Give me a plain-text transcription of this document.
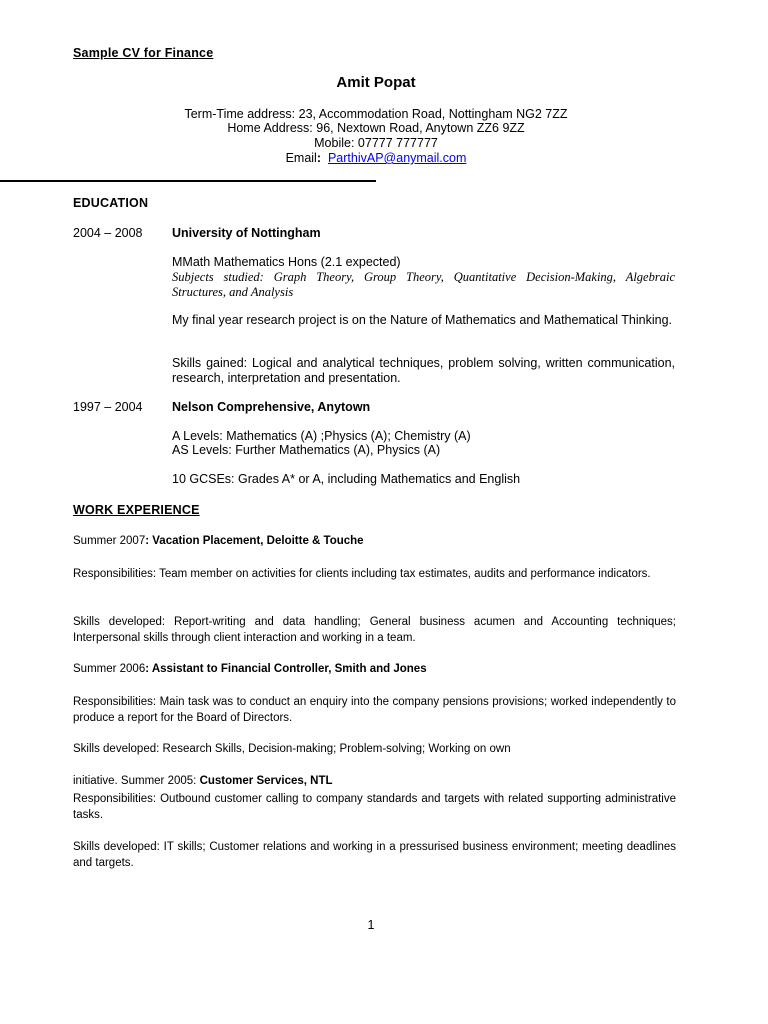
Sample CV for Finance
Amit Popat
Term-Time address: 23, Accommodation Road, Nottingham NG2 7ZZ
Home Address: 96, Nextown Road, Anytown ZZ6 9ZZ
Mobile: 07777 777777
Email: ParthivAP@anymail.com
EDUCATION
2004 – 2008 University of Nottingham
MMath Mathematics Hons (2.1 expected)
Subjects studied: Graph Theory, Group Theory, Quantitative Decision-Making, Algebraic Structures, and Analysis
My final year research project is on the Nature of Mathematics and Mathematical Thinking.
Skills gained: Logical and analytical techniques, problem solving, written communication, research, interpretation and presentation.
1997 – 2004 Nelson Comprehensive, Anytown
A Levels: Mathematics (A) ;Physics (A); Chemistry (A)
AS Levels: Further Mathematics (A), Physics (A)
10 GCSEs: Grades A* or A, including Mathematics and English
WORK EXPERIENCE
Summer 2007: Vacation Placement, Deloitte & Touche
Responsibilities: Team member on activities for clients including tax estimates, audits and performance indicators.
Skills developed: Report-writing and data handling; General business acumen and Accounting techniques; Interpersonal skills through client interaction and working in a team.
Summer 2006: Assistant to Financial Controller, Smith and Jones
Responsibilities: Main task was to conduct an enquiry into the company pensions provisions; worked independently to produce a report for the Board of Directors.
Skills developed: Research Skills, Decision-making; Problem-solving; Working on own
initiative. Summer 2005: Customer Services, NTL
Responsibilities: Outbound customer calling to company standards and targets with related supporting administrative tasks.
Skills developed: IT skills; Customer relations and working in a pressurised business environment; meeting deadlines and targets.
1
